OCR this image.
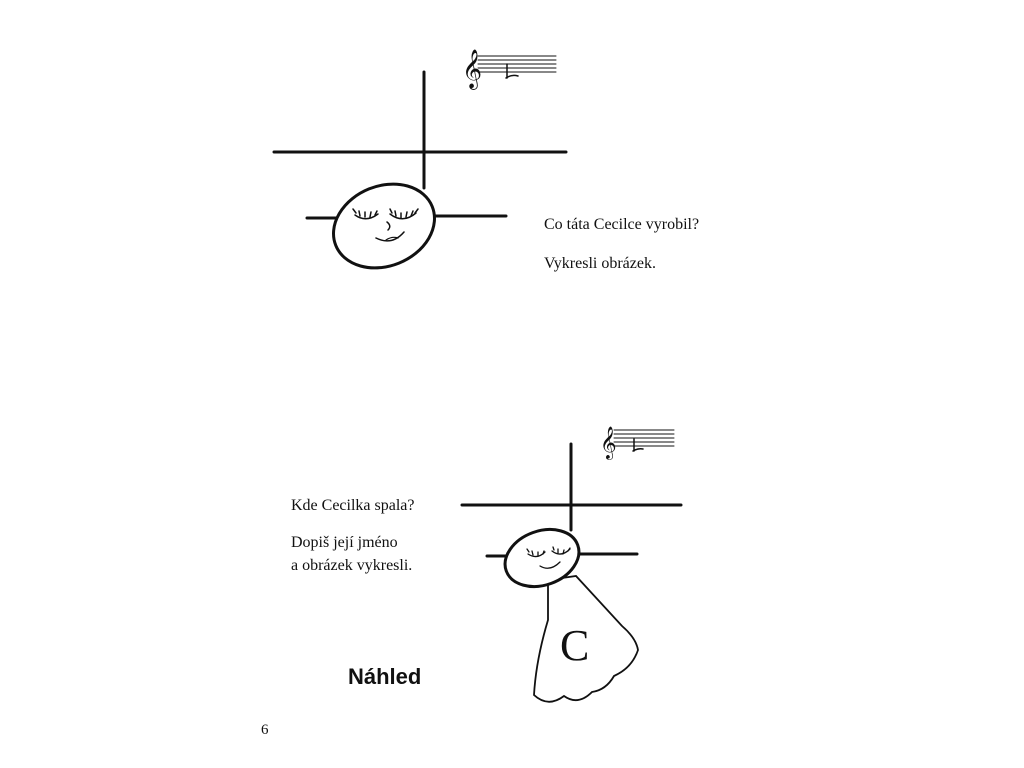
𝄞
𝄞
C
Co táta Cecilce vyrobil?
Vykresli obrázek.
Kde Cecilka spala?
Dopiš její jméno
a obrázek vykresli.
Náhled
6
